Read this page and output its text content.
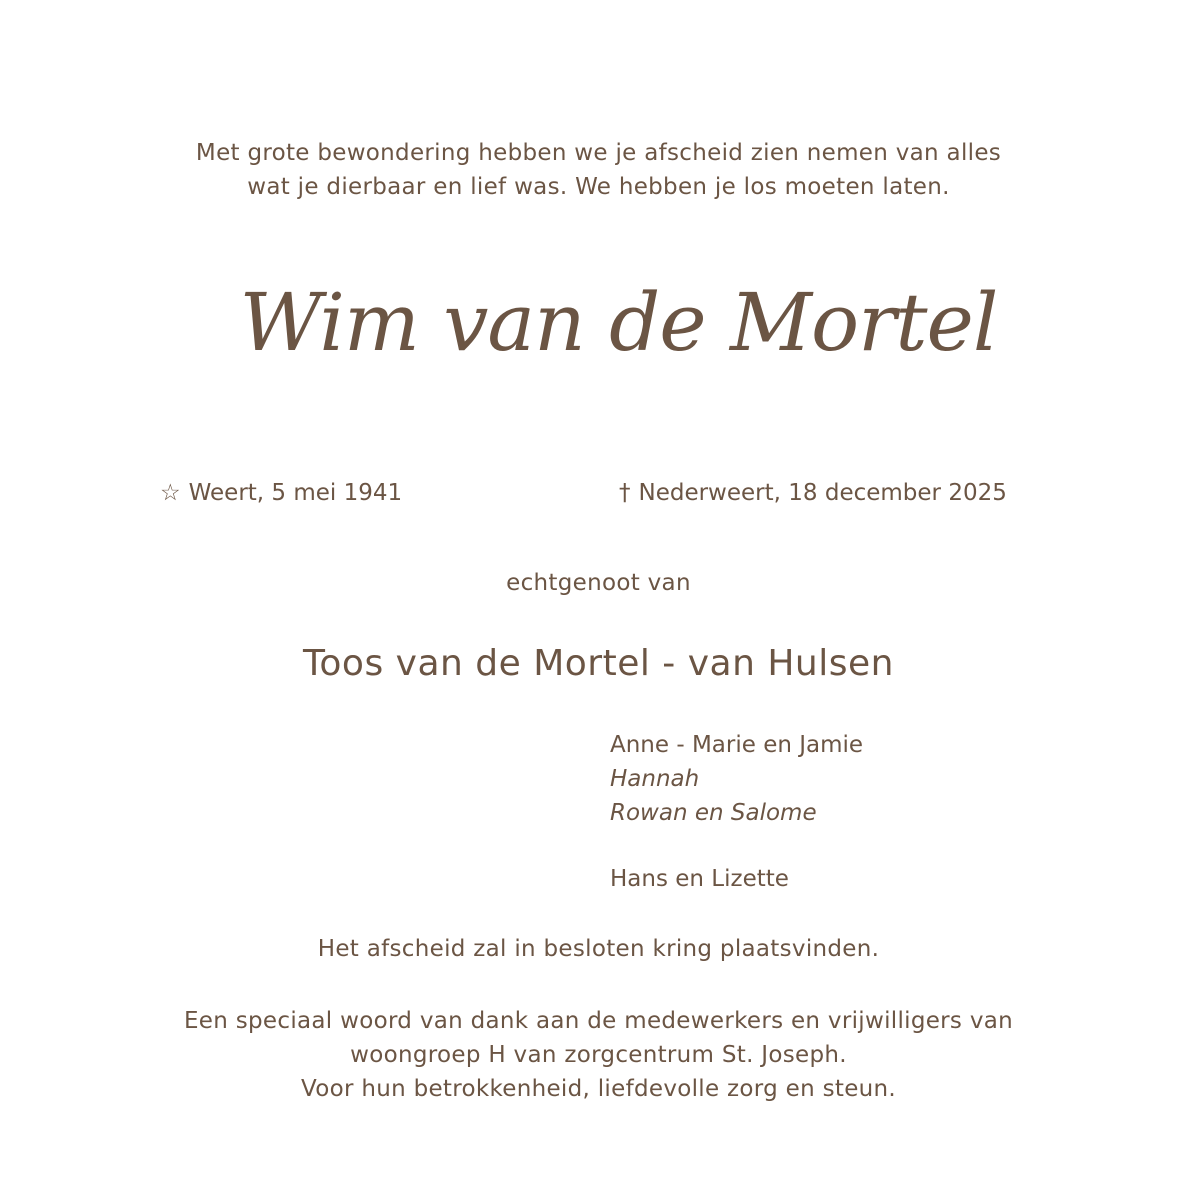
Met grote bewondering hebben we je afscheid zien nemen van alles
wat je dierbaar en lief was. We hebben je los moeten laten.
Wim van de Mortel
☆ Weert, 5 mei 1941	† Nederweert, 18 december 2025
echtgenoot van
Toos van de Mortel - van Hulsen
Anne - Marie en Jamie
Hannah
Rowan en Salome
Hans en Lizette
Het afscheid zal in besloten kring plaatsvinden.
Een speciaal woord van dank aan de medewerkers en vrijwilligers van
woongroep H van zorgcentrum St. Joseph.
Voor hun betrokkenheid, liefdevolle zorg en steun.
